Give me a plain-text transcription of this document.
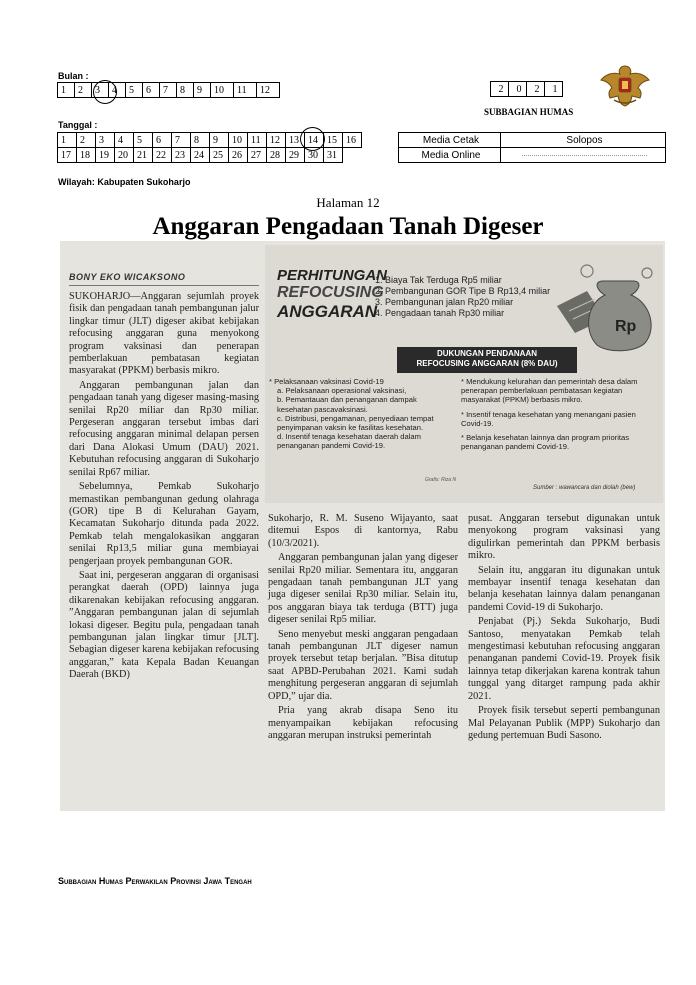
Bulan :
1	2	3	4	5	6	7	8	9	10	11	12
Tanggal :
1	2	3	4	5	6	7	8	9	10	11	12	13	14	15	16
17	18	19	20	21	22	23	24	25	26	27	28	29	30	31	
2	0	2	1
SUBBAGIAN HUMAS
Media Cetak	Solopos
Media Online	………………………………………………………
Wilayah: Kabupaten Sukoharjo
Halaman 12
Anggaran Pengadaan Tanah Digeser
BONY EKO WICAKSONO

SUKOHARJO—Anggaran sejumlah proyek fisik dan pengadaan tanah pembangunan jalur lingkar timur (JLT) digeser akibat kebijakan refocusing anggaran guna menyokong program vaksinasi dan penerapan pemberlakuan pembatasan kegiatan masyarakat (PPKM) berbasis mikro.

Anggaran pembangunan jalan dan pengadaan tanah yang digeser masing-masing senilai Rp20 miliar dan Rp30 miliar. Pergeseran anggaran tersebut imbas dari refocusing anggaran minimal delapan persen dari Dana Alokasi Umum (DAU) 2021. Kebutuhan refocusing anggaran di Sukoharjo senilai Rp67 miliar.

Sebelumnya, Pemkab Sukoharjo memastikan pembangunan gedung olahraga (GOR) tipe B di Kelurahan Gayam, Kecamatan Sukoharjo ditunda pada 2022. Pemkab telah mengalokasikan anggaran senilai Rp13,5 miliar guna membiayai pengerjaan proyek pembangunan GOR.

Saat ini, pergeseran anggaran di organisasi perangkat daerah (OPD) lainnya juga dikarenakan kebijakan refocusing anggaran. ”Anggaran pembangunan jalan di sejumlah lokasi digeser. Begitu pula, pengadaan tanah pembangunan jalan lingkar timur [JLT]. Sebagian digeser karena kebijakan refocusing anggaran,” kata Kepala Badan Keuangan Daerah (BKD)

PERHITUNGAN
REFOCUSING
ANGGARAN
1. Biaya Tak Terduga Rp5 miliar
2. Pembangunan GOR Tipe B Rp13,4 miliar
3. Pembangunan jalan Rp20 miliar
4. Pengadaan tanah Rp30 miliar
Rp
DUKUNGAN PENDANAAN
REFOCUSING ANGGARAN (8% DAU)
* Pelaksanaan vaksinasi Covid-19
a. Pelaksanaan operasional vaksinasi,
b. Pemantauan dan penanganan dampak kesehatan pascavaksinasi.
c. Distribusi, pengamanan, penyediaan tempat penyimpanan vaksin ke fasilitas kesehatan.
d. Insentif tenaga kesehatan daerah dalam penanganan pandemi Covid-19.
* Mendukung kelurahan dan pemerintah desa dalam penerapan pemberlakuan pembatasan kegiatan masyarakat (PPKM) berbasis mikro.
* Insentif tenaga kesehatan yang menangani pasien Covid-19.
* Belanja kesehatan lainnya dan program prioritas penanganan pandemi Covid-19.
Grafis: Riza N
Sumber : wawancara dan diolah (bew)

Sukoharjo, R. M. Suseno Wijayanto, saat ditemui Espos di kantornya, Rabu (10/3/2021).

Anggaran pembangunan jalan yang digeser senilai Rp20 miliar. Sementara itu, anggaran pengadaan tanah pembangunan JLT yang juga digeser senilai Rp30 miliar. Selain itu, pos anggaran biaya tak terduga (BTT) juga digeser senilai Rp5 miliar.

Seno menyebut meski anggaran pengadaan tanah pembangunan JLT digeser namun proyek tersebut tetap berjalan. ”Bisa ditutup saat APBD-Perubahan 2021. Kami sudah menghitung pergeseran anggaran di sejumlah OPD,” ujar dia.

Pria yang akrab disapa Seno itu menyampaikan kebijakan refocusing anggaran merupan instruksi pemerintah

pusat. Anggaran tersebut digunakan untuk menyokong program vaksinasi yang digulirkan pemerintah dan PPKM berbasis mikro.

Selain itu, anggaran itu digunakan untuk membayar insentif tenaga kesehatan dan belanja kesehatan lainnya dalam penanganan pandemi Covid-19 di Sukoharjo.

Penjabat (Pj.) Sekda Sukoharjo, Budi Santoso, menyatakan Pemkab telah mengestimasi kebutuhan refocusing anggaran penanganan pandemi Covid-19. Proyek fisik lainnya tetap dikerjakan karena kontrak tahun tunggal yang ditarget rampung pada akhir 2021.

Proyek fisik tersebut seperti pembangunan Mal Pelayanan Publik (MPP) Sukoharjo dan gedung pertemuan Budi Sasono.

Subbagian Humas Perwakilan Provinsi Jawa Tengah
